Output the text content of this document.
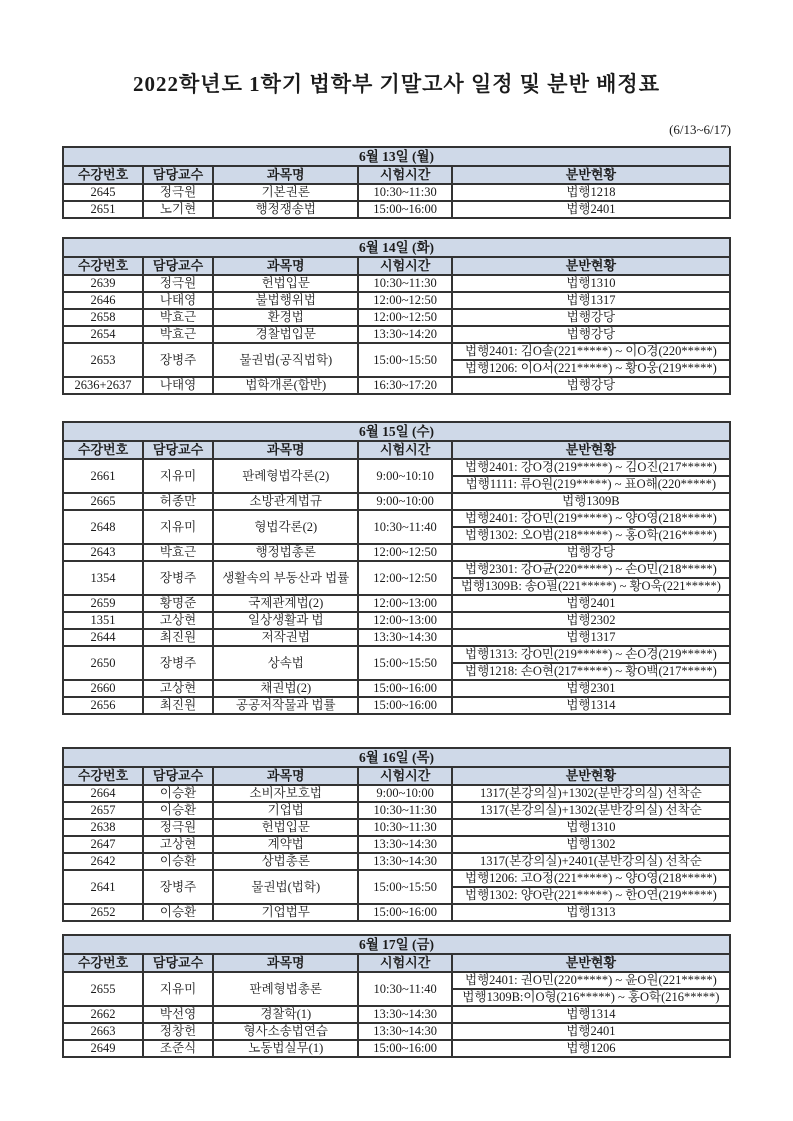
2022학년도 1학기 법학부 기말고사 일정 및 분반 배정표
(6/13~6/17)
6월 13일 (월)				
수강번호	담당교수	과목명	시험시간	분반현황
2645	정극원	기본권론	10:30~11:30	법행1218
2651	노기현	행정쟁송법	15:00~16:00	법행2401
6월 14일 (화)				
수강번호	담당교수	과목명	시험시간	분반현황
2639	정극원	헌법입문	10:30~11:30	법행1310
2646	나태영	불법행위법	12:00~12:50	법행1317
2658	박효근	환경법	12:00~12:50	법행강당
2654	박효근	경찰법입문	13:30~14:20	법행강당
2653	장병주	물권법(공직법학)	15:00~15:50	법행2401: 김O솔(221*****) ~ 이O경(220*****)
				법행1206: 이O서(221*****) ~ 황O웅(219*****)
2636+2637	나태영	법학개론(합반)	16:30~17:20	법행강당
6월 15일 (수)				
수강번호	담당교수	과목명	시험시간	분반현황
2661	지유미	판례형법각론(2)	9:00~10:10	법행2401: 강O경(219*****) ~ 김O진(217*****)
				법행1111: 류O원(219*****) ~ 표O해(220*****)
2665	허종만	소방관계법규	9:00~10:00	법행1309B
2648	지유미	형법각론(2)	10:30~11:40	법행2401: 강O민(219*****) ~ 양O영(218*****)
				법행1302: 오O범(218*****) ~ 홍O학(216*****)
2643	박효근	행정법총론	12:00~12:50	법행강당
1354	장병주	생활속의 부동산과 법률	12:00~12:50	법행2301: 강O균(220*****) ~ 손O민(218*****)
				법행1309B: 송O필(221*****) ~ 황O욱(221*****)
2659	황명준	국제관계법(2)	12:00~13:00	법행2401
1351	고상현	일상생활과 법	12:00~13:00	법행2302
2644	최진원	저작권법	13:30~14:30	법행1317
2650	장병주	상속법	15:00~15:50	법행1313: 강O민(219*****) ~ 손O경(219*****)
				법행1218: 손O현(217*****) ~ 황O백(217*****)
2660	고상현	채권법(2)	15:00~16:00	법행2301
2656	최진원	공공저작물과 법률	15:00~16:00	법행1314
6월 16일 (목)				
수강번호	담당교수	과목명	시험시간	분반현황
2664	이승환	소비자보호법	9:00~10:00	1317(본강의실)+1302(분반강의실) 선착순
2657	이승환	기업법	10:30~11:30	1317(본강의실)+1302(분반강의실) 선착순
2638	정극원	헌법입문	10:30~11:30	법행1310
2647	고상현	계약법	13:30~14:30	법행1302
2642	이승환	상법총론	13:30~14:30	1317(본강의실)+2401(분반강의실) 선착순
2641	장병주	물권법(법학)	15:00~15:50	법행1206: 고O정(221*****) ~ 양O영(218*****)
				법행1302: 양O란(221*****) ~ 한O연(219*****)
2652	이승환	기업법무	15:00~16:00	법행1313
6월 17일 (금)				
수강번호	담당교수	과목명	시험시간	분반현황
2655	지유미	판례형법총론	10:30~11:40	법행2401: 권O민(220*****) ~ 윤O원(221*****)
				법행1309B:이O형(216*****) ~ 홍O학(216*****)
2662	박선영	경찰학(1)	13:30~14:30	법행1314
2663	정창헌	형사소송법연습	13:30~14:30	법행2401
2649	조준식	노동법실무(1)	15:00~16:00	법행1206
